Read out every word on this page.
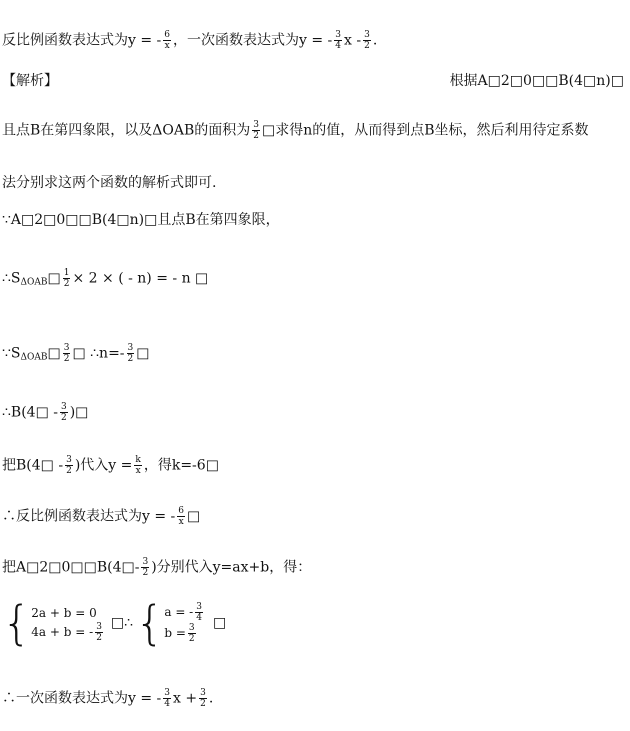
反比例函数表达式为y = - $\frac{6}{x}$ ，一次函数表达式为y = - $\frac{3}{4}$ x - $\frac{3}{2}$ .
【解析】	根据A□2□0□□B(4□n)□
且点B在第四象限，以及ΔOAB的面积为 $\frac{3}{2}$ □求得n的值，从而得到点B坐标，然后利用待定系数
法分别求这两个函数的解析式即可.
∵A□2□0□□B(4□n)□且点B在第四象限，
$\therefore S_{\Delta OAB}□ \frac{1}{2} \times 2$ × ( - n) = - n □
$\because S_{\Delta OAB}□ \frac{3}{2}$ □ ∴n=- $\frac{3}{2}$ □
∴B(4□ - $\frac{3}{2}$ )□
把B(4□ - $\frac{3}{2}$ )代入$y = \frac{k}{x}$ ，得k=-6□
∴反比例函数表达式为y = - $\frac{6}{x}$ □
把A□2□0□□B(4□- $\frac{3}{2}$ )分别代入y=ax+b，得：
{ 2a + b = 0
4a + b = - $\frac{3}{2}$ □∴ { a = - $\frac{3}{4}$
$b = \frac{3}{2}$ □
∴一次函数表达式为y = - $\frac{3}{4}$ $x + \frac{3}{2}$ .
